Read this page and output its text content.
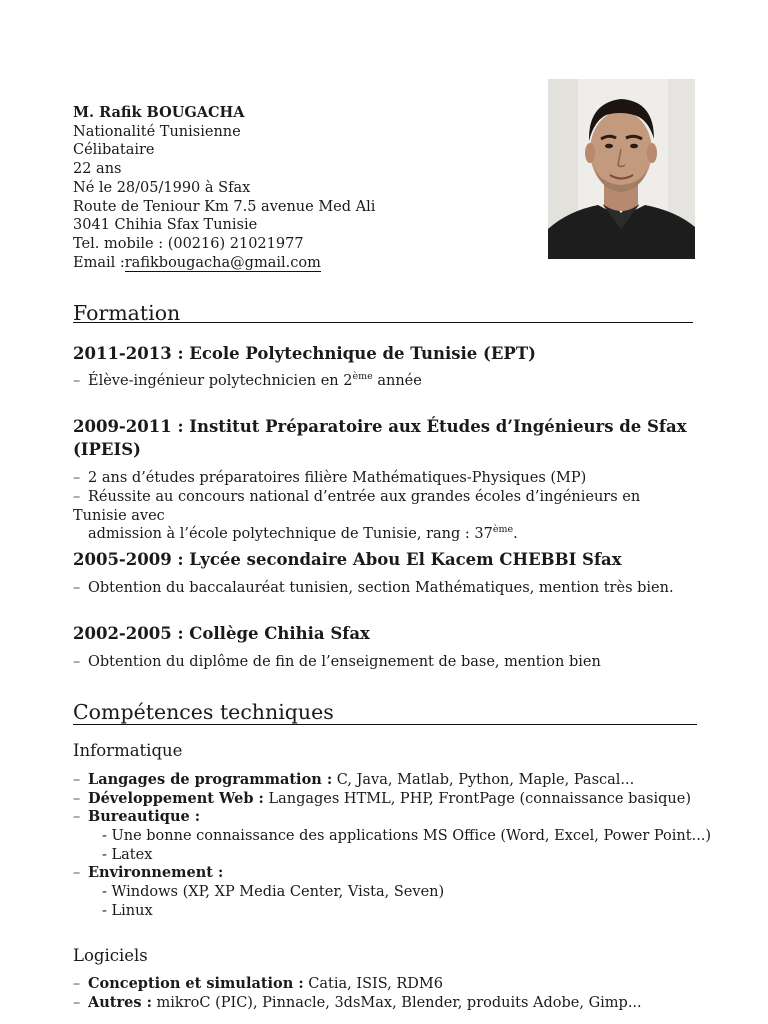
M. Rafik BOUGACHA
Nationalité Tunisienne
Célibataire
22 ans
Né le 28/05/1990 à Sfax
Route de Teniour Km 7.5 avenue Med Ali
3041 Chihia Sfax Tunisie
Tel. mobile : (00216) 21021977
Email :rafikbougacha@gmail.com
Formation
2011-2013 : Ecole Polytechnique de Tunisie (EPT)
– Élève-ingénieur polytechnicien en 2ème année
2009-2011 : Institut Préparatoire aux Études d’Ingénieurs de Sfax (IPEIS)
– 2 ans d’études préparatoires filière Mathématiques-Physiques (MP)
– Réussite au concours national d’entrée aux grandes écoles d’ingénieurs en Tunisie avec
admission à l’école polytechnique de Tunisie, rang : 37ème.
2005-2009 : Lycée secondaire Abou El Kacem CHEBBI Sfax
– Obtention du baccalauréat tunisien, section Mathématiques, mention très bien.
2002-2005 : Collège Chihia Sfax
– Obtention du diplôme de fin de l’enseignement de base, mention bien
Compétences techniques
Informatique
– Langages de programmation : C, Java, Matlab, Python, Maple, Pascal...
– Développement Web : Langages HTML, PHP, FrontPage (connaissance basique)
– Bureautique :
- Une bonne connaissance des applications MS Office (Word, Excel, Power Point...)
- Latex
– Environnement :
- Windows (XP, XP Media Center, Vista, Seven)
- Linux
Logiciels
– Conception et simulation : Catia, ISIS, RDM6
– Autres : mikroC (PIC), Pinnacle, 3dsMax, Blender, produits Adobe, Gimp...
